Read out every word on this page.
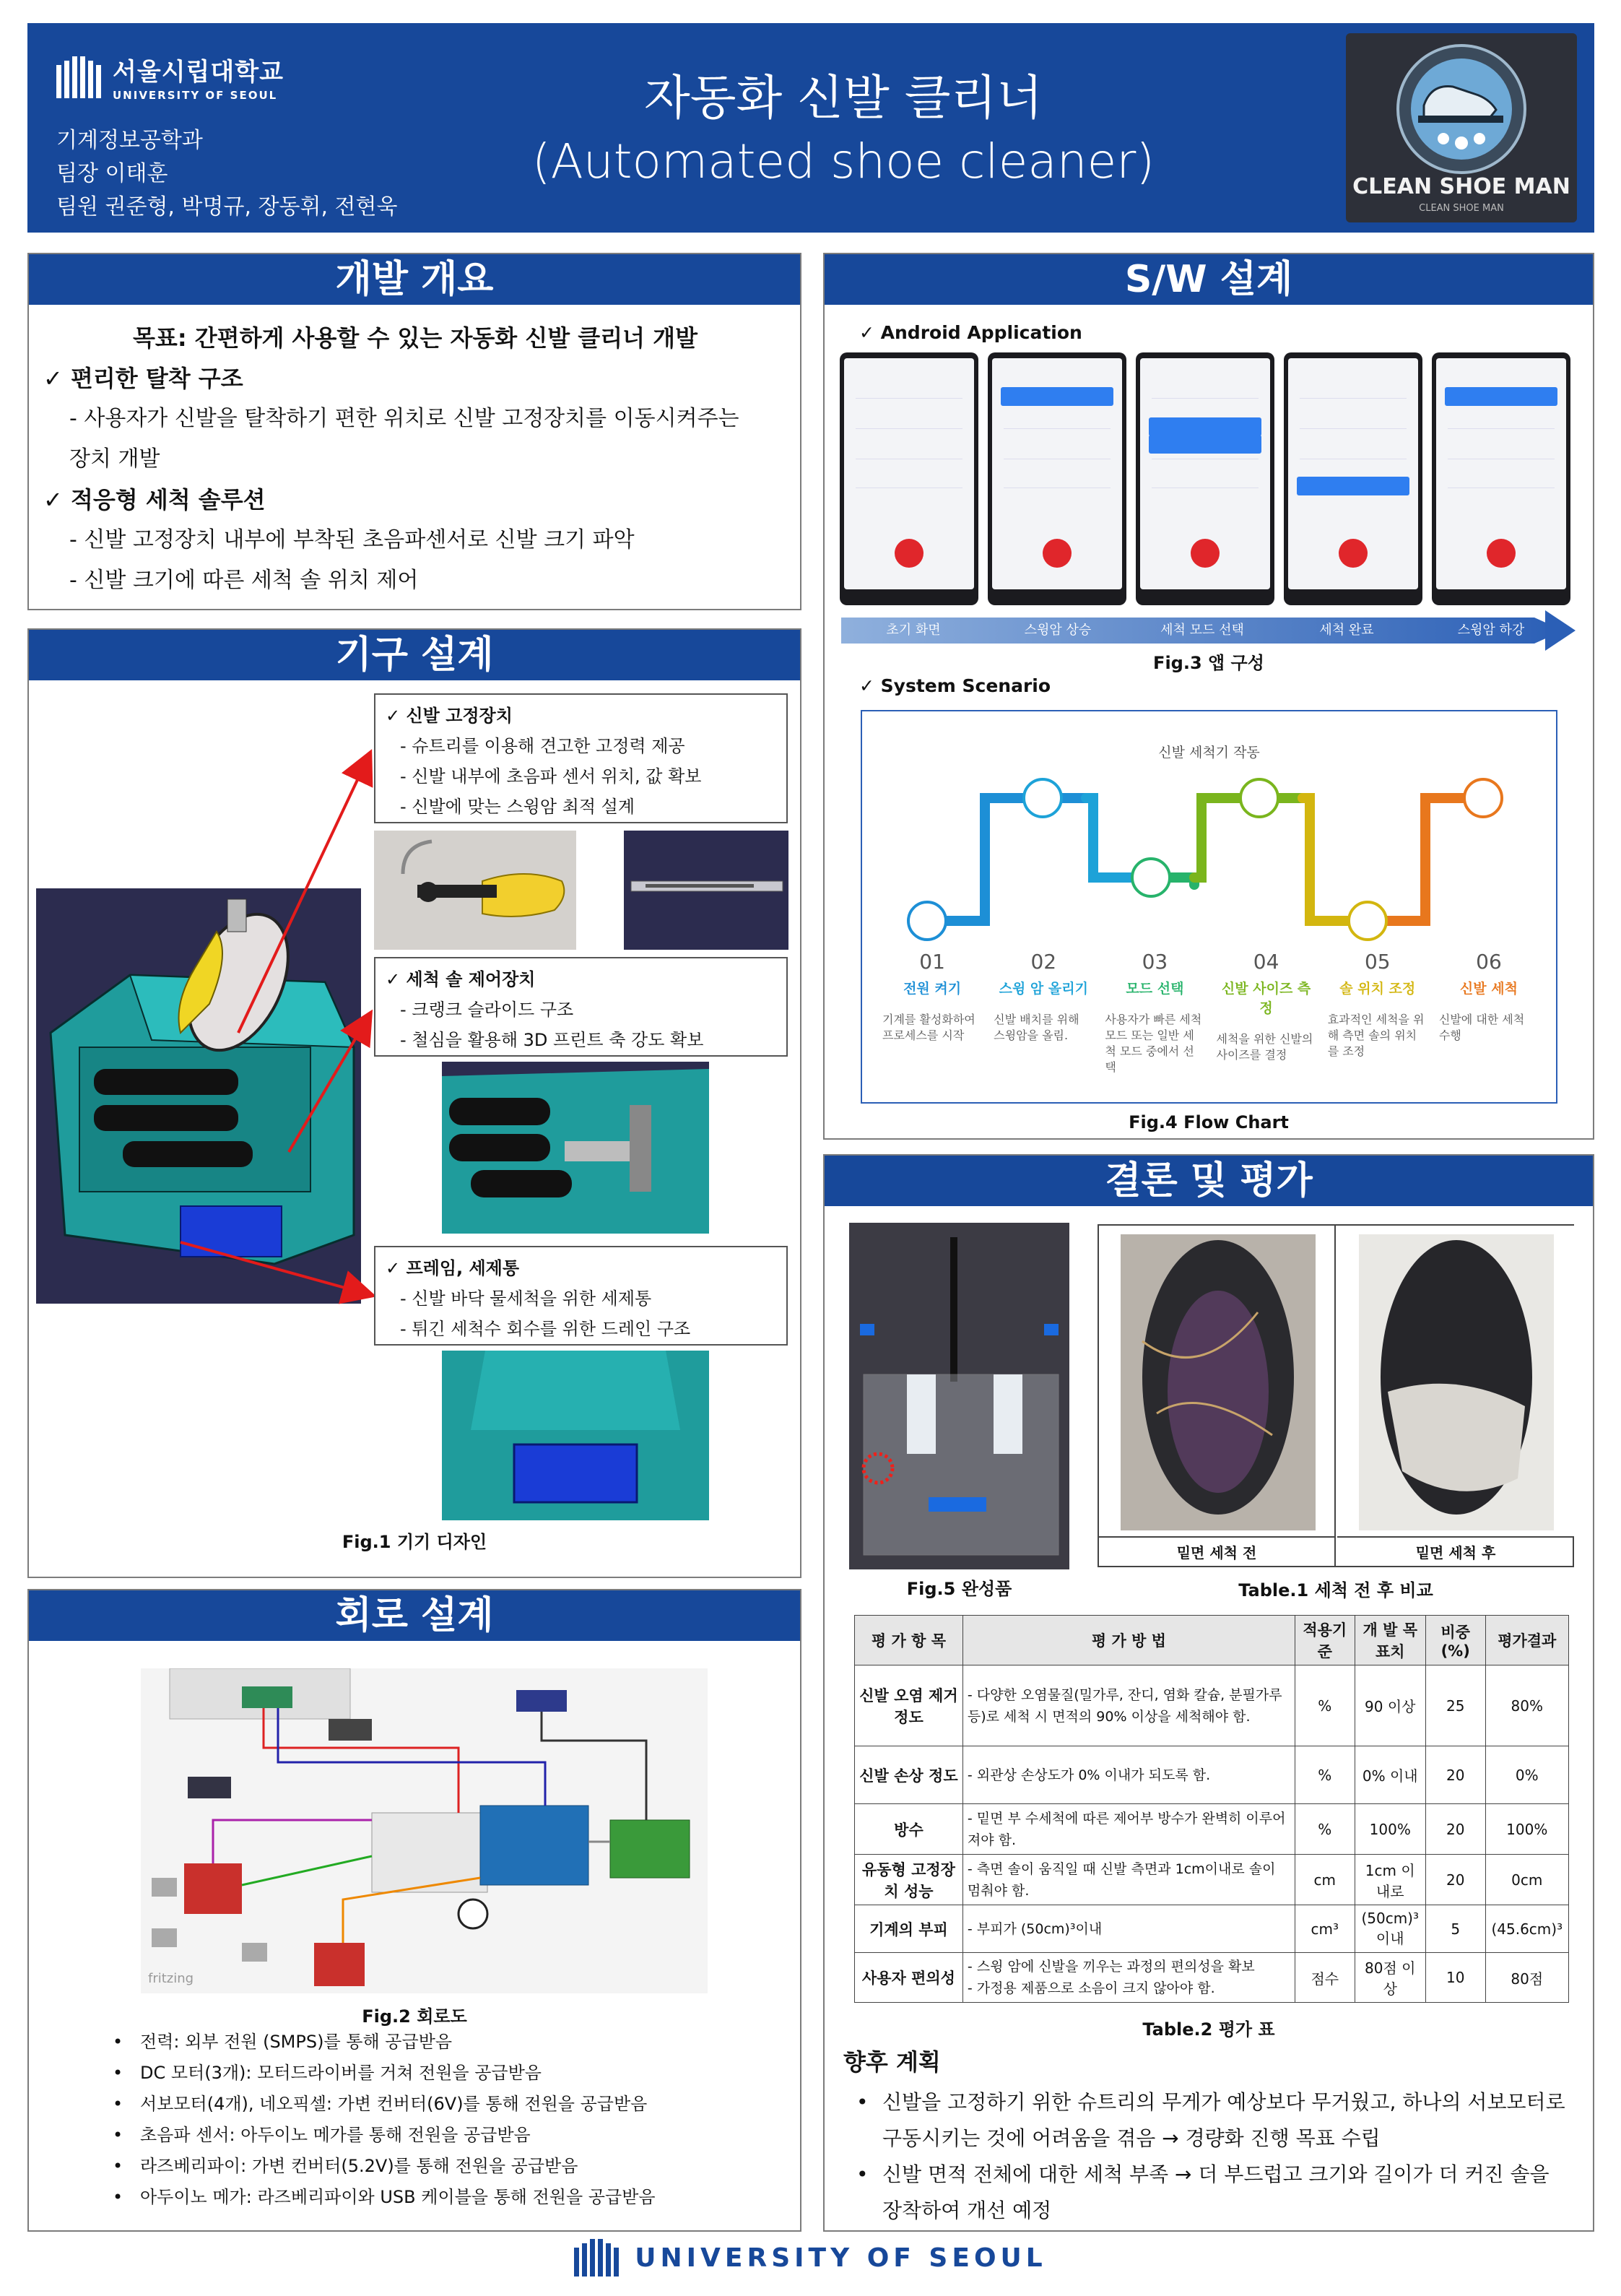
서울시립대학교
UNIVERSITY OF SEOUL
기계정보공학과
팀장 이태훈
팀원 권준형, 박명규, 장동휘, 전현욱
자동화 신발 클리너
(Automated shoe cleaner)	CLEAN SHOE MAN
CLEAN SHOE MAN
개발 개요
목표: 간편하게 사용할 수 있는 자동화 신발 클리너 개발
✓ 편리한 탈착 구조
- 사용자가 신발을 탈착하기 편한 위치로 신발 고정장치를 이동시켜주는
장치 개발
✓ 적응형 세척 솔루션
- 신발 고정장치 내부에 부착된 초음파센서로 신발 크기 파악
- 신발 크기에 따른 세척 솔 위치 제어
기구 설계
✓ 신발 고정장치
- 슈트리를 이용해 견고한 고정력 제공
- 신발 내부에 초음파 센서 위치, 값 확보
- 신발에 맞는 스윙암 최적 설계
✓ 세척 솔 제어장치
- 크랭크 슬라이드 구조
- 철심을 활용해 3D 프린트 축 강도 확보
✓ 프레임, 세제통
- 신발 바닥 물세척을 위한 세제통
- 튀긴 세척수 회수를 위한 드레인 구조
Fig.1 기기 디자인
회로 설계
fritzing
Fig.2 회로도
• 전력: 외부 전원 (SMPS)를 통해 공급받음
• DC 모터(3개): 모터드라이버를 거쳐 전원을 공급받음
• 서보모터(4개), 네오픽셀: 가변 컨버터(6V)를 통해 전원을 공급받음
• 초음파 센서: 아두이노 메가를 통해 전원을 공급받음
• 라즈베리파이: 가변 컨버터(5.2V)를 통해 전원을 공급받음
• 아두이노 메가: 라즈베리파이와 USB 케이블을 통해 전원을 공급받음
S/W 설계
✓ Android Application
초기 화면	스윙암 상승	세척 모드 선택	세척 완료	스윙암 하강
Fig.3 앱 구성
✓ System Scenario
신발 세척기 작동
01
전원 켜기
기계를 활성화하여 프로세스를 시작
02
스윙 암 올리기
신발 배치를 위해 스윙암을 올림.
03
모드 선택
사용자가 빠른 세척 모드 또는 일반 세척 모드 중에서 선택
04
신발 사이즈 측정
세척을 위한 신발의 사이즈를 결정
05
솔 위치 조정
효과적인 세척을 위해 측면 솔의 위치를 조정
06
신발 세척
신발에 대한 세척 수행
Fig.4 Flow Chart
결론 및 평가
Fig.5 완성품
밑면 세척 전	밑면 세척 후
Table.1 세척 전 후 비교
평 가 항 목	평 가 방 법	적용기준	개 발 목표치	비중(%)	평가결과
신발 오염 제거 정도	- 다양한 오염물질(밀가루, 잔디, 염화 칼슘, 분필가루 등)로 세척 시 면적의 90% 이상을 세척해야 함.	%	90 이상	25	80%
신발 손상 정도	- 외관상 손상도가 0% 이내가 되도록 함.	%	0% 이내	20	0%
방수	- 밑면 부 수세척에 따른 제어부 방수가 완벽히 이루어져야 함.	%	100%	20	100%
유동형 고정장치 성능	- 측면 솔이 움직일 때 신발 측면과 1cm이내로 솔이 멈춰야 함.	cm	1cm 이내로	20	0cm
기계의 부피	- 부피가 (50cm)³이내	cm³	(50cm)³ 이내	5	(45.6cm)³
사용자 편의성	- 스윙 암에 신발을 끼우는 과정의 편의성을 확보
- 가정용 제품으로 소음이 크지 않아야 함.	점수	80점 이상	10	80점
Table.2 평가 표
향후 계획
• 신발을 고정하기 위한 슈트리의 무게가 예상보다 무거웠고, 하나의 서보모터로 구동시키는 것에 어려움을 겪음 → 경량화 진행 목표 수립
• 신발 면적 전체에 대한 세척 부족 → 더 부드럽고 크기와 길이가 더 커진 솔을 장착하여 개선 예정
UNIVERSITY OF SEOUL
